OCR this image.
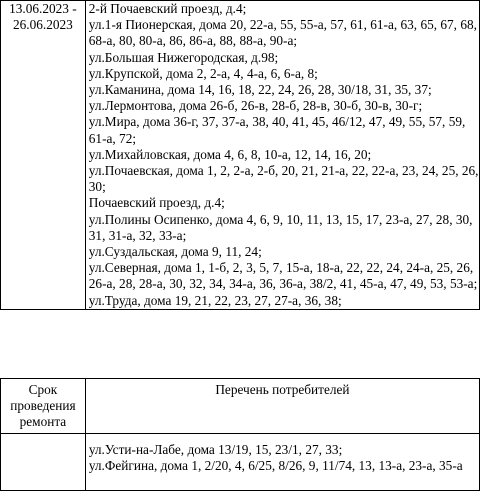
13.06.2023 -
26.06.2023

2-й Почаевский проезд, д.4;
ул.1-я Пионерская, дома 20, 22-а, 55, 55-а, 57, 61, 61-а, 63, 65, 67, 68, 68-а, 80, 80-а, 86, 86-а, 88, 88-а, 90-а;
ул.Большая Нижегородская, д.98;
ул.Крупской, дома 2, 2-а, 4, 4-а, 6, 6-а, 8;
ул.Каманина, дома 14, 16, 18, 22, 24, 26, 28, 30/18, 31, 35, 37;
ул.Лермонтова, дома 26-б, 26-в, 28-б, 28-в, 30-б, 30-в, 30-г;
ул.Мира, дома 36-г, 37, 37-а, 38, 40, 41, 45, 46/12, 47, 49, 55, 57, 59, 61-а, 72;
ул.Михайловская, дома 4, 6, 8, 10-а, 12, 14, 16, 20;
ул.Почаевская, дома 1, 2, 2-а, 2-б, 20, 21, 21-а, 22, 22-а, 23, 24, 25, 26, 30;
Почаевский проезд, д.4;
ул.Полины Осипенко, дома 4, 6, 9, 10, 11, 13, 15, 17, 23-а, 27, 28, 30, 31, 31-а, 32, 33-а;
ул.Суздальская, дома 9, 11, 24;
ул.Северная, дома 1, 1-б, 2, 3, 5, 7, 15-а, 18-а, 22, 22, 24, 24-а, 25, 26, 26-а, 28, 28-а, 30, 32, 34, 34-а, 36, 36-а, 38/2, 41, 45-а, 47, 49, 53, 53-а;
ул.Труда, дома 19, 21, 22, 23, 27, 27-а, 36, 38;
Срок
проведения
ремонта	Перечень потребителей

	ул.Усти-на-Лабе, дома 13/19, 15, 23/1, 27, 33;
ул.Фейгина, дома 1, 2/20, 4, 6/25, 8/26, 9, 11/74, 13, 13-а, 23-а, 35-а
